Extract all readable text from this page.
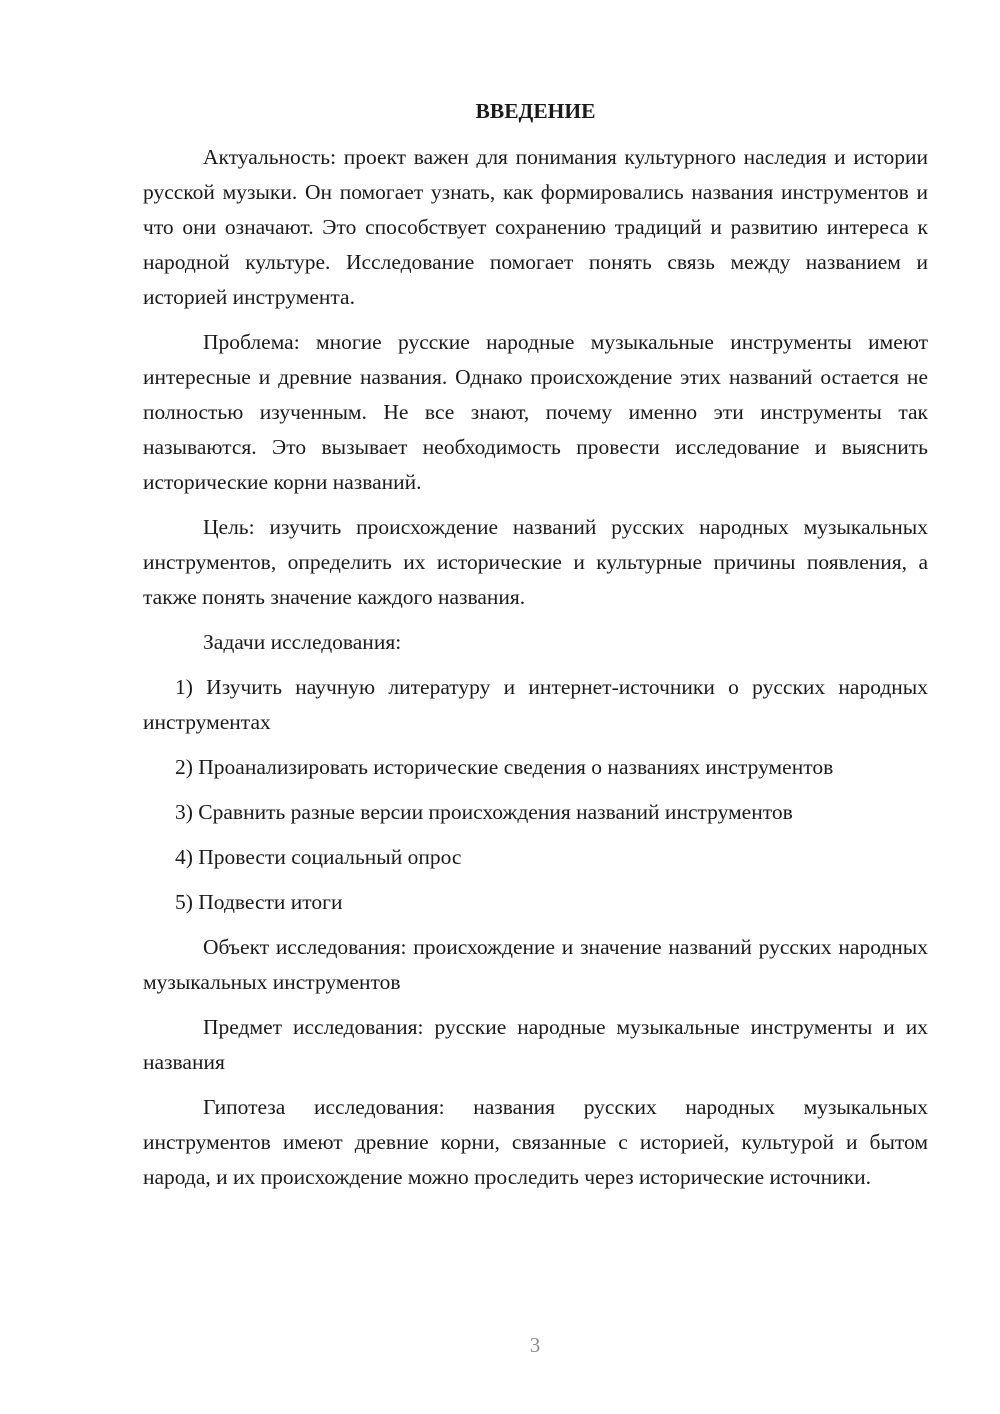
ВВЕДЕНИЕ

Актуальность: проект важен для понимания культурного наследия и истории русской музыки. Он помогает узнать, как формировались названия инструментов и что они означают. Это способствует сохранению традиций и развитию интереса к народной культуре. Исследование помогает понять связь между названием и историей инструмента.

Проблема: многие русские народные музыкальные инструменты имеют интересные и древние названия. Однако происхождение этих названий остается не полностью изученным. Не все знают, почему именно эти инструменты так называются. Это вызывает необходимость провести исследование и выяснить исторические корни названий.

Цель: изучить происхождение названий русских народных музыкальных инструментов, определить их исторические и культурные причины появления, а также понять значение каждого названия.

Задачи исследования:

1) Изучить научную литературу и интернет-источники о русских народных инструментах

2) Проанализировать исторические сведения о названиях инструментов

3) Сравнить разные версии происхождения названий инструментов

4) Провести социальный опрос

5) Подвести итоги

Объект исследования: происхождение и значение названий русских народных музыкальных инструментов

Предмет исследования: русские народные музыкальные инструменты и их названия

Гипотеза исследования: названия русских народных музыкальных инструментов имеют древние корни, связанные с историей, культурой и бытом народа, и их происхождение можно проследить через исторические источники.

3
